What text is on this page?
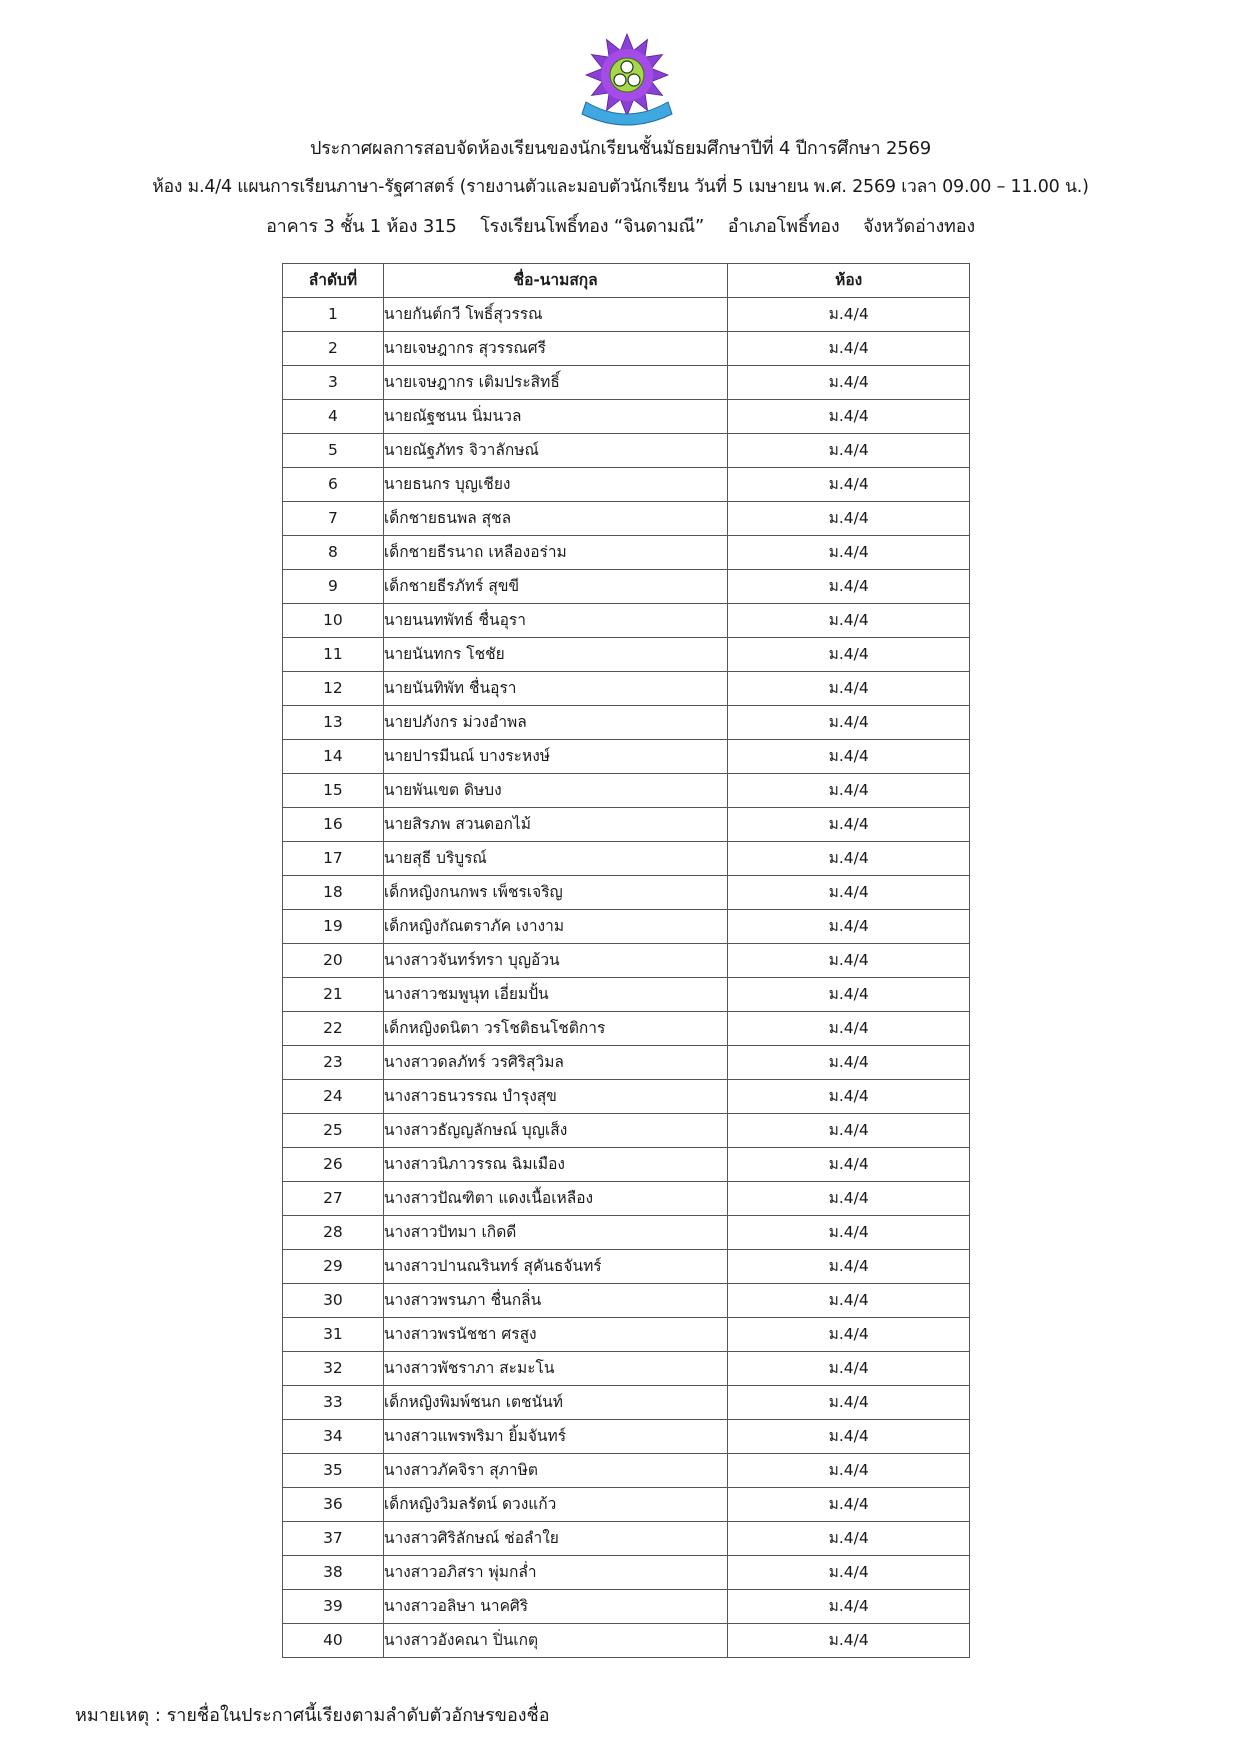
ประกาศผลการสอบจัดห้องเรียนของนักเรียนชั้นมัธยมศึกษาปีที่ 4 ปีการศึกษา 2569
ห้อง ม.4/4 แผนการเรียนภาษา-รัฐศาสตร์ (รายงานตัวและมอบตัวนักเรียน วันที่ 5 เมษายน พ.ศ. 2569 เวลา 09.00 – 11.00 น.)
อาคาร 3 ชั้น 1 ห้อง 315 โรงเรียนโพธิ์ทอง “จินดามณี” อำเภอโพธิ์ทอง จังหวัดอ่างทอง
ลำดับที่	ชื่อ-นามสกุล	ห้อง
1	นายกันต์กวี โพธิ์สุวรรณ	ม.4/4
2	นายเจษฎากร สุวรรณศรี	ม.4/4
3	นายเจษฎากร เติมประสิทธิ์	ม.4/4
4	นายณัฐชนน นิ่มนวล	ม.4/4
5	นายณัฐภัทร จิวาลักษณ์	ม.4/4
6	นายธนกร บุญเชียง	ม.4/4
7	เด็กชายธนพล สุชล	ม.4/4
8	เด็กชายธีรนาถ เหลืองอร่าม	ม.4/4
9	เด็กชายธีรภัทร์ สุขขี	ม.4/4
10	นายนนทพัทธ์ ชื่นอุรา	ม.4/4
11	นายนันทกร โชชัย	ม.4/4
12	นายนันทิพัท ชื่นอุรา	ม.4/4
13	นายปภังกร ม่วงอำพล	ม.4/4
14	นายปารมีนณ์ บางระหงษ์	ม.4/4
15	นายพันเขต ดิษบง	ม.4/4
16	นายสิรภพ สวนดอกไม้	ม.4/4
17	นายสุธี บริบูรณ์	ม.4/4
18	เด็กหญิงกนกพร เพ็ชรเจริญ	ม.4/4
19	เด็กหญิงกัณตราภัค เงางาม	ม.4/4
20	นางสาวจันทร์ทรา บุญอ้วน	ม.4/4
21	นางสาวชมพูนุท เอี่ยมปั้น	ม.4/4
22	เด็กหญิงดนิตา วรโชติธนโชติการ	ม.4/4
23	นางสาวดลภัทร์ วรศิริสุวิมล	ม.4/4
24	นางสาวธนวรรณ บำรุงสุข	ม.4/4
25	นางสาวธัญญลักษณ์ บุญเส็ง	ม.4/4
26	นางสาวนิภาวรรณ ฉิมเมือง	ม.4/4
27	นางสาวปัณฑิตา แดงเนื้อเหลือง	ม.4/4
28	นางสาวปัทมา เกิดดี	ม.4/4
29	นางสาวปานณรินทร์ สุคันธจันทร์	ม.4/4
30	นางสาวพรนภา ชื่นกลิ่น	ม.4/4
31	นางสาวพรนัชชา ศรสูง	ม.4/4
32	นางสาวพัชราภา สะมะโน	ม.4/4
33	เด็กหญิงพิมพ์ชนก เตชนันท์	ม.4/4
34	นางสาวแพรพริมา ยิ้มจันทร์	ม.4/4
35	นางสาวภัคจิรา สุภาษิต	ม.4/4
36	เด็กหญิงวิมลรัตน์ ดวงแก้ว	ม.4/4
37	นางสาวศิริลักษณ์ ช่อลำใย	ม.4/4
38	นางสาวอภิสรา พุ่มกล่ำ	ม.4/4
39	นางสาวอลิษา นาคศิริ	ม.4/4
40	นางสาวอังคณา ปิ่นเกตุ	ม.4/4
หมายเหตุ : รายชื่อในประกาศนี้เรียงตามลำดับตัวอักษรของชื่อ
